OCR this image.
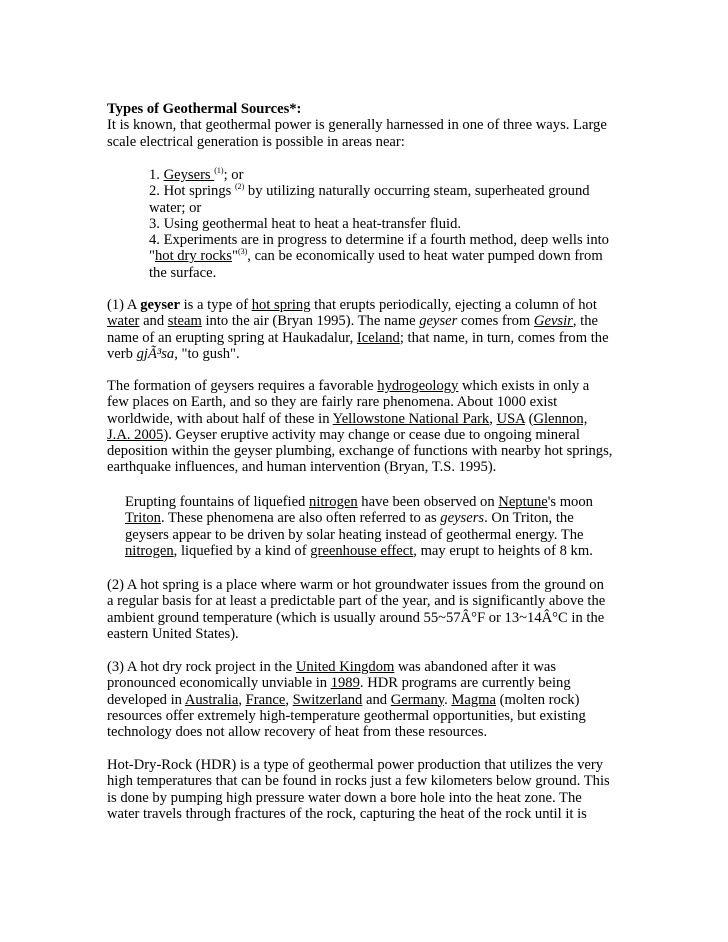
Types of Geothermal Sources*:
It is known, that geothermal power is generally harnessed in one of three ways. Large
scale electrical generation is possible in areas near:
1. Geysers $^{(1)}$; or
2. Hot springs $^{(2)}$ by utilizing naturally occurring steam, superheated ground
water; or
3. Using geothermal heat to heat a heat-transfer fluid.
4. Experiments are in progress to determine if a fourth method, deep wells into
"hot dry rocks"$^{(3)}$, can be economically used to heat water pumped down from
the surface.
(1) A geyser is a type of hot spring that erupts periodically, ejecting a column of hot
water and steam into the air (Bryan 1995). The name geyser comes from Gevsir, the
name of an erupting spring at Haukadalur, Iceland; that name, in turn, comes from the
verb gjÃ³sa, "to gush".
The formation of geysers requires a favorable hydrogeology which exists in only a
few places on Earth, and so they are fairly rare phenomena. About 1000 exist
worldwide, with about half of these in Yellowstone National Park, USA (Glennon,
J.A. 2005). Geyser eruptive activity may change or cease due to ongoing mineral
deposition within the geyser plumbing, exchange of functions with nearby hot springs,
earthquake influences, and human intervention (Bryan, T.S. 1995).
Erupting fountains of liquefied nitrogen have been observed on Neptune's moon
Triton. These phenomena are also often referred to as geysers. On Triton, the
geysers appear to be driven by solar heating instead of geothermal energy. The
nitrogen, liquefied by a kind of greenhouse effect, may erupt to heights of 8 km.
(2) A hot spring is a place where warm or hot groundwater issues from the ground on
a regular basis for at least a predictable part of the year, and is significantly above the
ambient ground temperature (which is usually around 55~57Â°F or 13~14Â°C in the
eastern United States).
(3) A hot dry rock project in the United Kingdom was abandoned after it was
pronounced economically unviable in 1989. HDR programs are currently being
developed in Australia, France, Switzerland and Germany. Magma (molten rock)
resources offer extremely high-temperature geothermal opportunities, but existing
technology does not allow recovery of heat from these resources.
Hot-Dry-Rock (HDR) is a type of geothermal power production that utilizes the very
high temperatures that can be found in rocks just a few kilometers below ground. This
is done by pumping high pressure water down a bore hole into the heat zone. The
water travels through fractures of the rock, capturing the heat of the rock until it is
